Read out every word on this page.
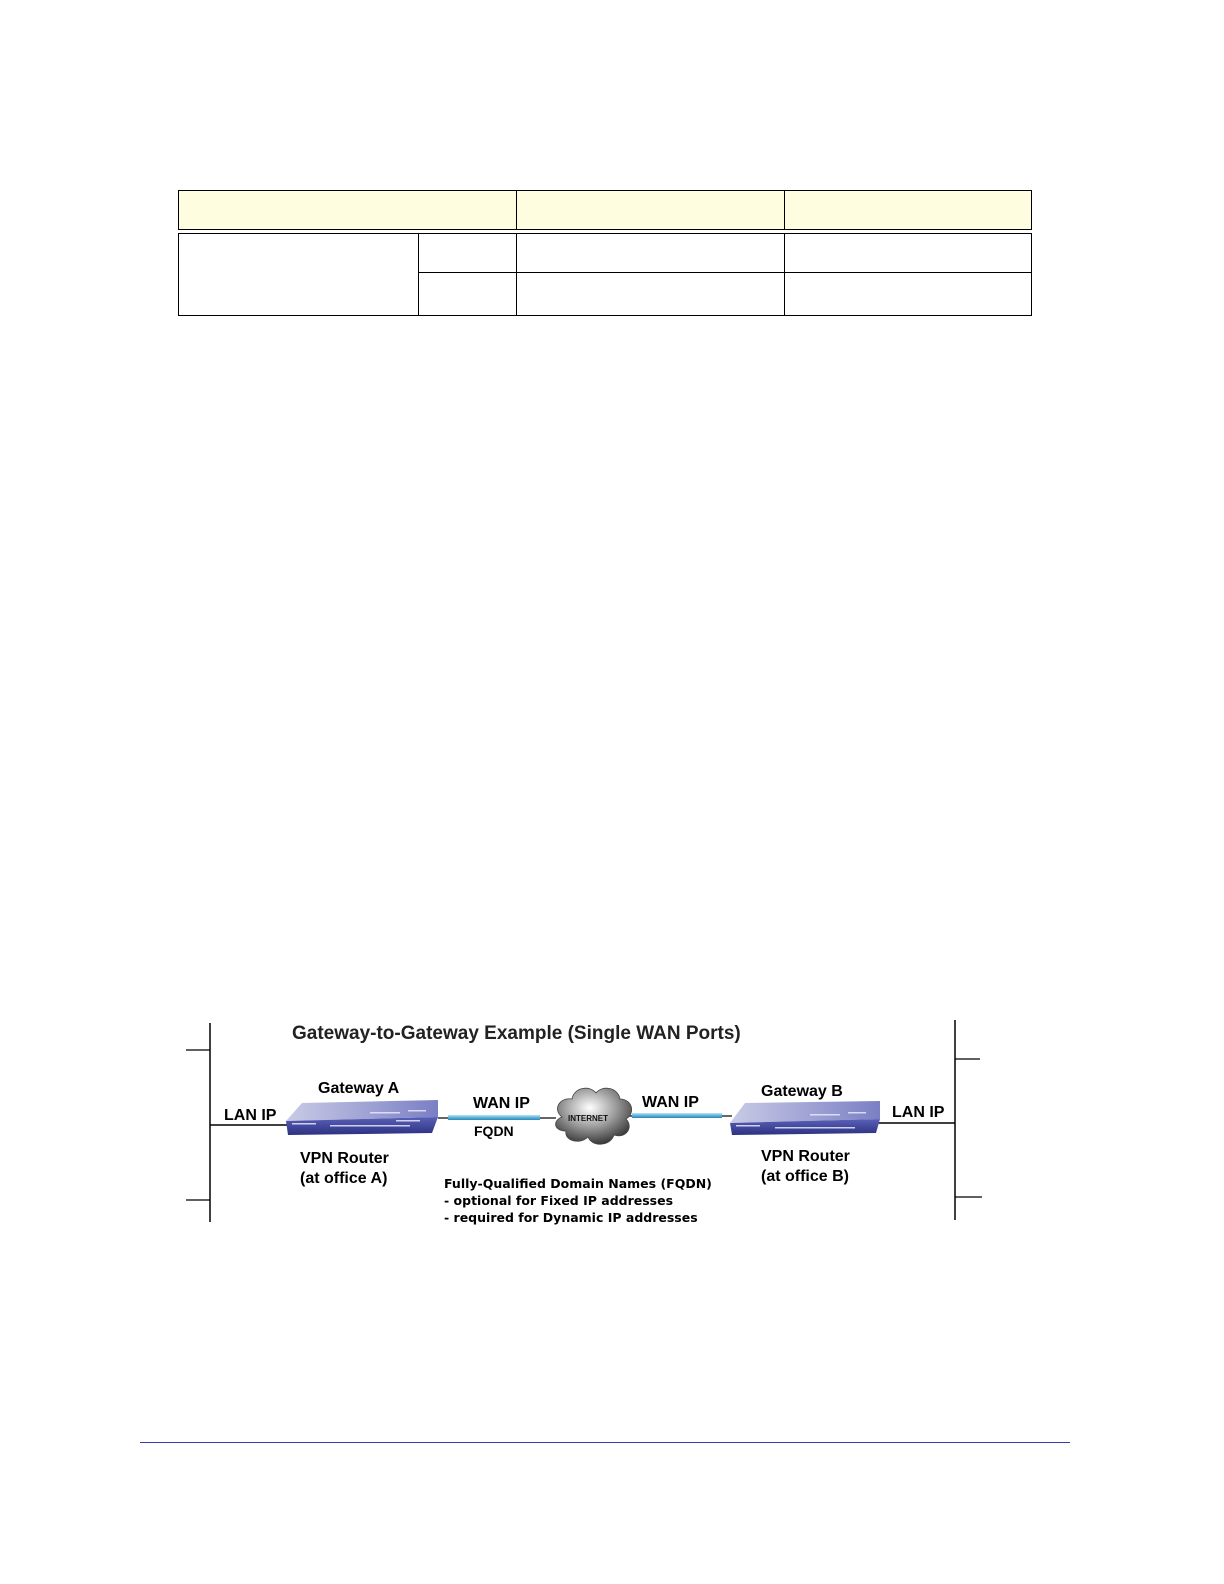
Gateway-to-Gateway Example (Single WAN Ports)
LAN IP	LAN IP
Gateway A
VPN Router
(at office A)
Gateway B
VPN Router
(at office B)
WAN IP
FQDN
WAN IP
INTERNET
Fully-Qualified Domain Names (FQDN)
- optional for Fixed IP addresses
- required for Dynamic IP addresses
